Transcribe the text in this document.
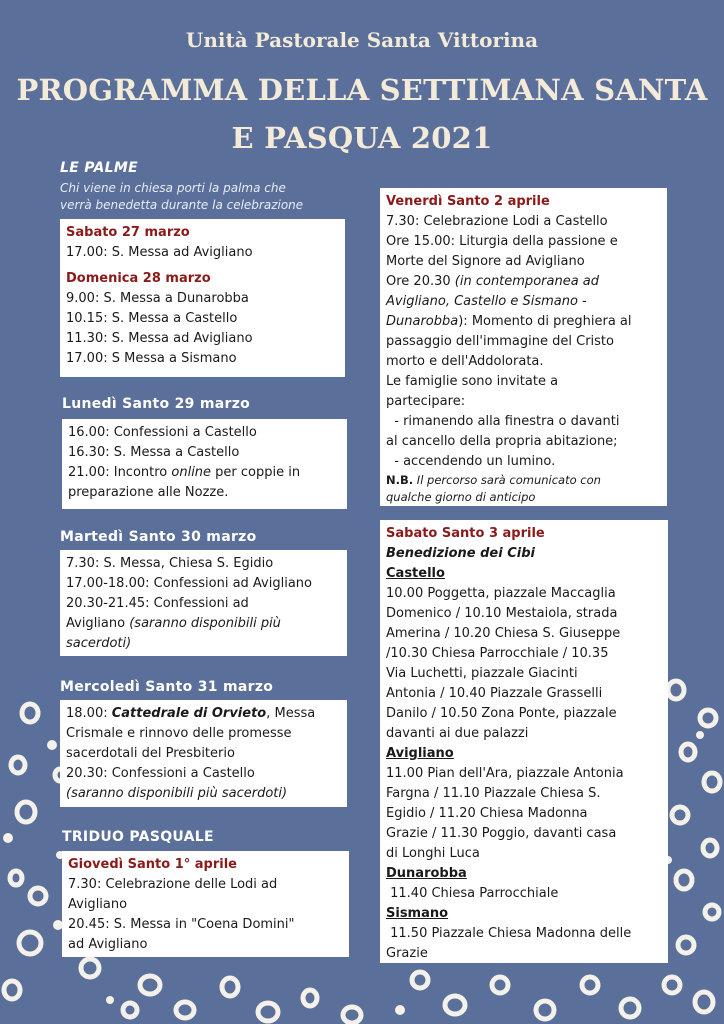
Unità Pastorale Santa Vittorina
PROGRAMMA DELLA SETTIMANA SANTA
E PASQUA 2021
LE PALME
Chi viene in chiesa porti la palma che
verrà benedetta durante la celebrazione
Sabato 27 marzo
17.00: S. Messa ad Avigliano
Domenica 28 marzo
9.00: S. Messa a Dunarobba
10.15: S. Messa a Castello
11.30: S. Messa ad Avigliano
17.00: S Messa a Sismano
Lunedì Santo 29 marzo
16.00: Confessioni a Castello
16.30: S. Messa a Castello
21.00: Incontro online per coppie in
preparazione alle Nozze.
Martedì Santo 30 marzo
7.30: S. Messa, Chiesa S. Egidio
17.00-18.00: Confessioni ad Avigliano
20.30-21.45: Confessioni ad
Avigliano (saranno disponibili più
sacerdoti)
Mercoledì Santo 31 marzo
18.00: Cattedrale di Orvieto, Messa
Crismale e rinnovo delle promesse
sacerdotali del Presbiterio
20.30: Confessioni a Castello
(saranno disponibili più sacerdoti)
TRIDUO PASQUALE
Giovedì Santo 1° aprile
7.30: Celebrazione delle Lodi ad
Avigliano
20.45: S. Messa in "Coena Domini"
ad Avigliano
Venerdì Santo 2 aprile
7.30: Celebrazione Lodi a Castello
Ore 15.00: Liturgia della passione e
Morte del Signore ad Avigliano
Ore 20.30 (in contemporanea ad
Avigliano, Castello e Sismano -
Dunarobba): Momento di preghiera al
passaggio dell'immagine del Cristo
morto e dell'Addolorata.
Le famiglie sono invitate a
partecipare:
- rimanendo alla finestra o davanti
al cancello della propria abitazione;
- accendendo un lumino.
N.B. Il percorso sarà comunicato con
qualche giorno di anticipo
Sabato Santo 3 aprile
Benedizione dei Cibi
Castello
10.00 Poggetta, piazzale Maccaglia
Domenico / 10.10 Mestaiola, strada
Amerina / 10.20 Chiesa S. Giuseppe
/10.30 Chiesa Parrocchiale / 10.35
Via Luchetti, piazzale Giacinti
Antonia / 10.40 Piazzale Grasselli
Danilo / 10.50 Zona Ponte, piazzale
davanti ai due palazzi
Avigliano
11.00 Pian dell'Ara, piazzale Antonia
Fargna / 11.10 Piazzale Chiesa S.
Egidio / 11.20 Chiesa Madonna
Grazie / 11.30 Poggio, davanti casa
di Longhi Luca
Dunarobba
11.40 Chiesa Parrocchiale
Sismano
11.50 Piazzale Chiesa Madonna delle
Grazie
